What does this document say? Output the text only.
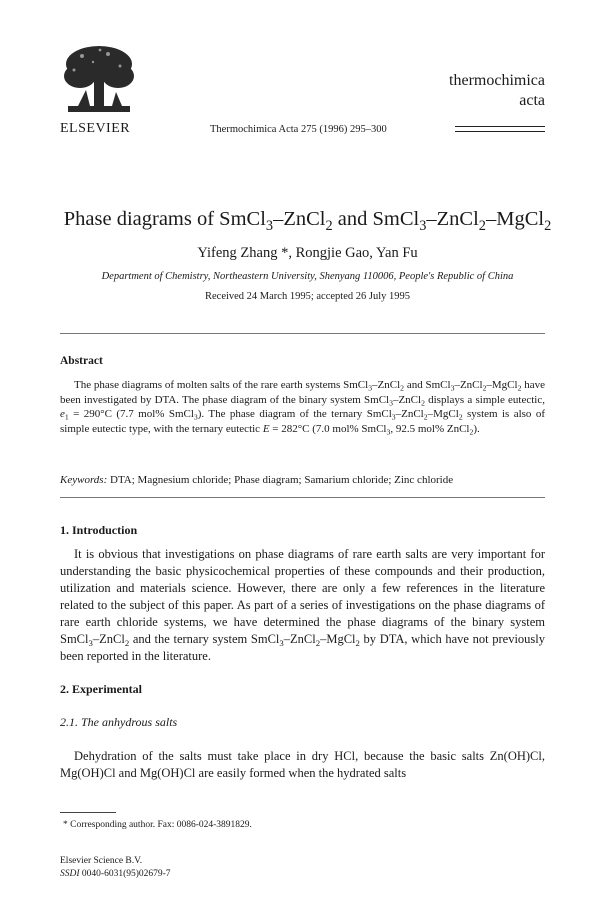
ELSEVIER	Thermochimica Acta 275 (1996) 295–300
thermochimica
acta
Phase diagrams of SmCl$_3$–ZnCl$_2$ and SmCl$_3$–ZnCl$_2$–MgCl$_2$
Yifeng Zhang *, Rongjie Gao, Yan Fu
Department of Chemistry, Northeastern University, Shenyang 110006, People's Republic of China
Received 24 March 1995; accepted 26 July 1995
Abstract
The phase diagrams of molten salts of the rare earth systems SmCl$_3$–ZnCl$_2$ and SmCl$_3$–ZnCl$_2$–MgCl$_2$ have been investigated by DTA. The phase diagram of the binary system SmCl$_3$–ZnCl$_2$ displays a simple eutectic, $e_1 = 290^\circ C$ (7.7 mol% SmCl$_3$). The phase diagram of the ternary SmCl$_3$–ZnCl$_2$–MgCl$_2$ system is also of simple eutectic type, with the ternary eutectic E = 282°C (7.0 mol% SmCl$_3$, 92.5 mol% ZnCl$_2$).
Keywords: DTA; Magnesium chloride; Phase diagram; Samarium chloride; Zinc chloride
1. Introduction
It is obvious that investigations on phase diagrams of rare earth salts are very important for understanding the basic physicochemical properties of these compounds and their production, utilization and materials science. However, there are only a few references in the literature related to the subject of this paper. As part of a series of investigations on the phase diagrams of rare earth chloride systems, we have determined the phase diagrams of the binary system SmCl$_3$–ZnCl$_2$ and the ternary system SmCl$_3$–ZnCl$_2$–MgCl$_2$ by DTA, which have not previously been reported in the literature.
2. Experimental
2.1. The anhydrous salts
Dehydration of the salts must take place in dry HCl, because the basic salts Zn(OH)Cl, Mg(OH)Cl and Mg(OH)Cl are easily formed when the hydrated salts
* Corresponding author. Fax: 0086-024-3891829.
Elsevier Science B.V.
SSDI 0040-6031(95)02679-7
